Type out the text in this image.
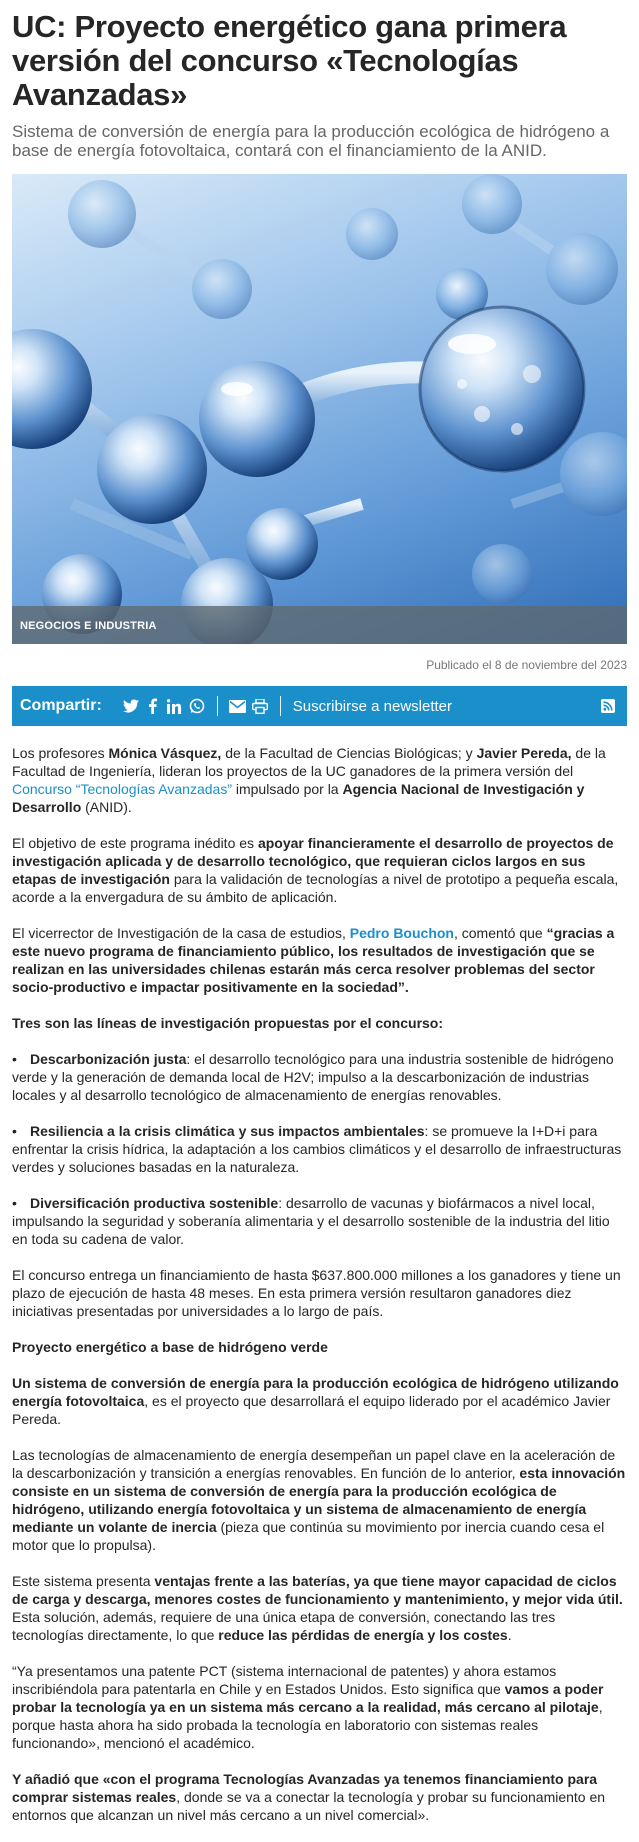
UC: Proyecto energético gana primera versión del concurso «Tecnologías Avanzadas»
Sistema de conversión de energía para la producción ecológica de hidrógeno a base de energía fotovoltaica, contará con el financiamiento de la ANID.
NEGOCIOS E INDUSTRIA
Publicado el 8 de noviembre del 2023
Compartir:	Suscribirse a newsletter

Los profesores Mónica Vásquez, de la Facultad de Ciencias Biológicas; y Javier Pereda, de la Facultad de Ingeniería, lideran los proyectos de la UC ganadores de la primera versión del Concurso “Tecnologías Avanzadas” impulsado por la Agencia Nacional de Investigación y Desarrollo (ANID).

El objetivo de este programa inédito es apoyar financieramente el desarrollo de proyectos de investigación aplicada y de desarrollo tecnológico, que requieran ciclos largos en sus etapas de investigación para la validación de tecnologías a nivel de prototipo a pequeña escala, acorde a la envergadura de su ámbito de aplicación.

El vicerrector de Investigación de la casa de estudios, Pedro Bouchon, comentó que “gracias a este nuevo programa de financiamiento público, los resultados de investigación que se realizan en las universidades chilenas estarán más cerca resolver problemas del sector socio-productivo e impactar positivamente en la sociedad”.

Tres son las líneas de investigación propuestas por el concurso:

• Descarbonización justa: el desarrollo tecnológico para una industria sostenible de hidrógeno verde y la generación de demanda local de H2V; impulso a la descarbonización de industrias locales y al desarrollo tecnológico de almacenamiento de energías renovables.

• Resiliencia a la crisis climática y sus impactos ambientales: se promueve la I+D+i para enfrentar la crisis hídrica, la adaptación a los cambios climáticos y el desarrollo de infraestructuras verdes y soluciones basadas en la naturaleza.

• Diversificación productiva sostenible: desarrollo de vacunas y biofármacos a nivel local, impulsando la seguridad y soberanía alimentaria y el desarrollo sostenible de la industria del litio en toda su cadena de valor.

El concurso entrega un financiamiento de hasta $637.800.000 millones a los ganadores y tiene un plazo de ejecución de hasta 48 meses. En esta primera versión resultaron ganadores diez iniciativas presentadas por universidades a lo largo de país.

Proyecto energético a base de hidrógeno verde

Un sistema de conversión de energía para la producción ecológica de hidrógeno utilizando energía fotovoltaica, es el proyecto que desarrollará el equipo liderado por el académico Javier Pereda.

Las tecnologías de almacenamiento de energía desempeñan un papel clave en la aceleración de la descarbonización y transición a energías renovables. En función de lo anterior, esta innovación consiste en un sistema de conversión de energía para la producción ecológica de hidrógeno, utilizando energía fotovoltaica y un sistema de almacenamiento de energía mediante un volante de inercia (pieza que continúa su movimiento por inercia cuando cesa el motor que lo propulsa).

Este sistema presenta ventajas frente a las baterías, ya que tiene mayor capacidad de ciclos de carga y descarga, menores costes de funcionamiento y mantenimiento, y mejor vida útil. Esta solución, además, requiere de una única etapa de conversión, conectando las tres tecnologías directamente, lo que reduce las pérdidas de energía y los costes.

“Ya presentamos una patente PCT (sistema internacional de patentes) y ahora estamos inscribiéndola para patentarla en Chile y en Estados Unidos. Esto significa que vamos a poder probar la tecnología ya en un sistema más cercano a la realidad, más cercano al pilotaje, porque hasta ahora ha sido probada la tecnología en laboratorio con sistemas reales funcionando», mencionó el académico.

Y añadió que «con el programa Tecnologías Avanzadas ya tenemos financiamiento para comprar sistemas reales, donde se va a conectar la tecnología y probar su funcionamiento en entornos que alcanzan un nivel más cercano a un nivel comercial».
